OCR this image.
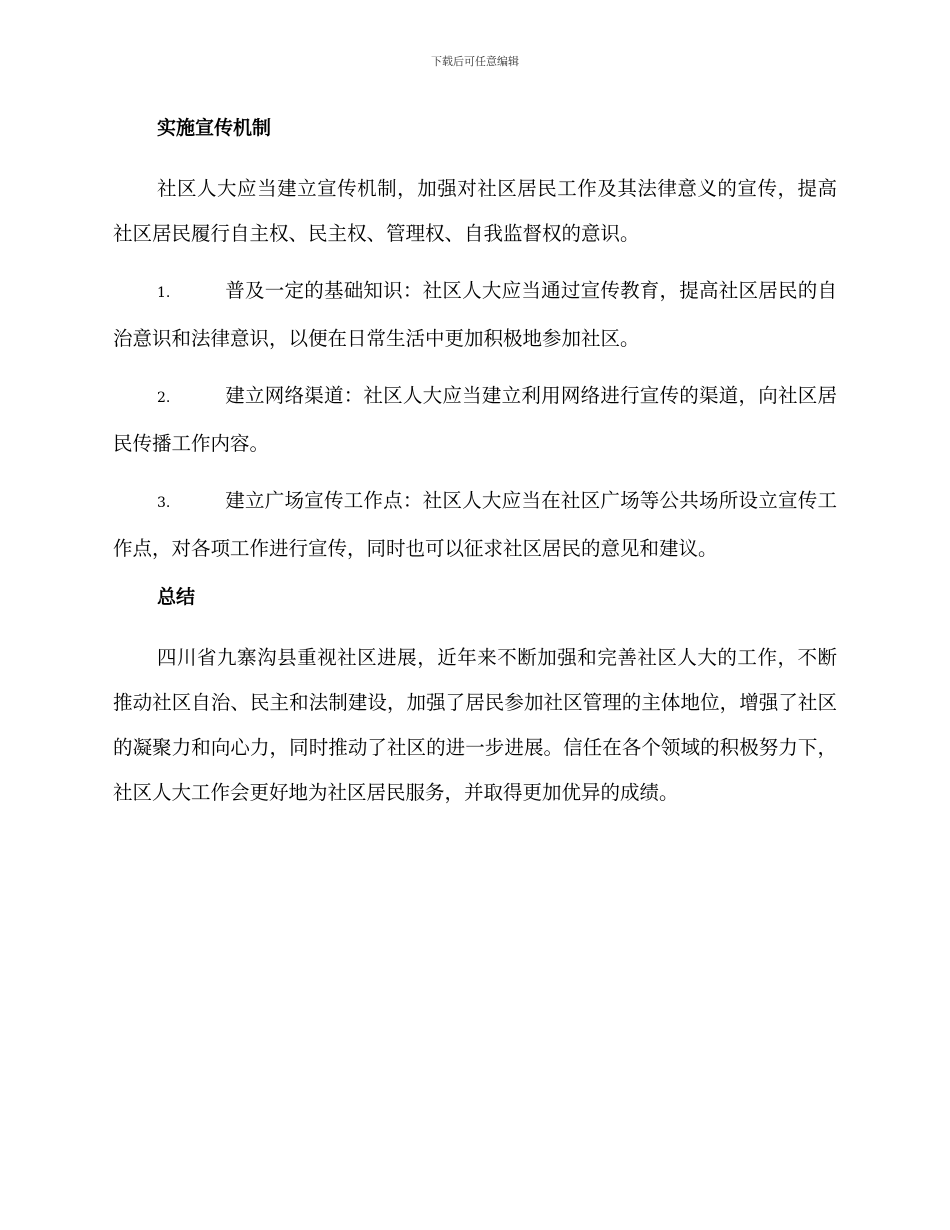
下载后可任意编辑
实施宣传机制

社区人大应当建立宣传机制，加强对社区居民工作及其法律意义的宣传，提高社区居民履行自主权、民主权、管理权、自我监督权的意识。

1.	普及一定的基础知识：社区人大应当通过宣传教育，提高社区居民的自治意识和法律意识，以便在日常生活中更加积极地参加社区。

2.	建立网络渠道：社区人大应当建立利用网络进行宣传的渠道，向社区居民传播工作内容。

3.	建立广场宣传工作点：社区人大应当在社区广场等公共场所设立宣传工作点，对各项工作进行宣传，同时也可以征求社区居民的意见和建议。

总结

四川省九寨沟县重视社区进展，近年来不断加强和完善社区人大的工作，不断推动社区自治、民主和法制建设，加强了居民参加社区管理的主体地位，增强了社区的凝聚力和向心力，同时推动了社区的进一步进展。信任在各个领域的积极努力下，社区人大工作会更好地为社区居民服务，并取得更加优异的成绩。
